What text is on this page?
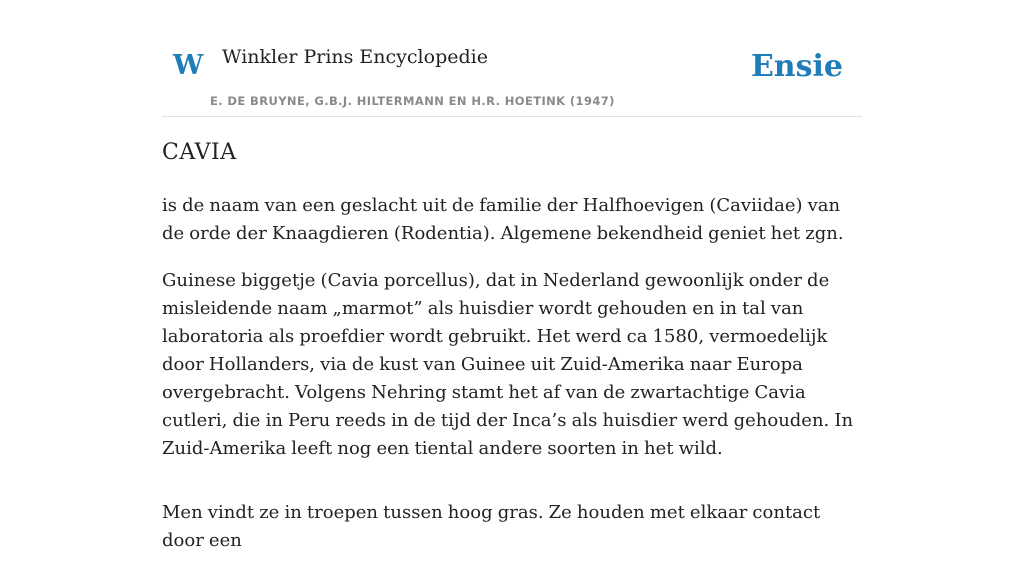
W Winkler Prins Encyclopedie
E. DE BRUYNE, G.B.J. HILTERMANN EN H.R. HOETINK (1947)
Ensie
CAVIA

is de naam van een geslacht uit de familie der Halfhoevigen (Caviidae) van de orde der Knaagdieren (Rodentia). Algemene bekendheid geniet het zgn.

Guinese biggetje (Cavia porcellus), dat in Nederland gewoonlijk onder de misleidende naam „marmot” als huisdier wordt gehouden en in tal van laboratoria als proefdier wordt gebruikt. Het werd ca 1580, vermoedelijk door Hollanders, via de kust van Guinee uit Zuid-Amerika naar Europa overgebracht. Volgens Nehring stamt het af van de zwartachtige Cavia cutleri, die in Peru reeds in de tijd der Inca’s als huisdier werd gehouden. In Zuid-Amerika leeft nog een tiental andere soorten in het wild.

Men vindt ze in troepen tussen hoog gras. Ze houden met elkaar contact door een
